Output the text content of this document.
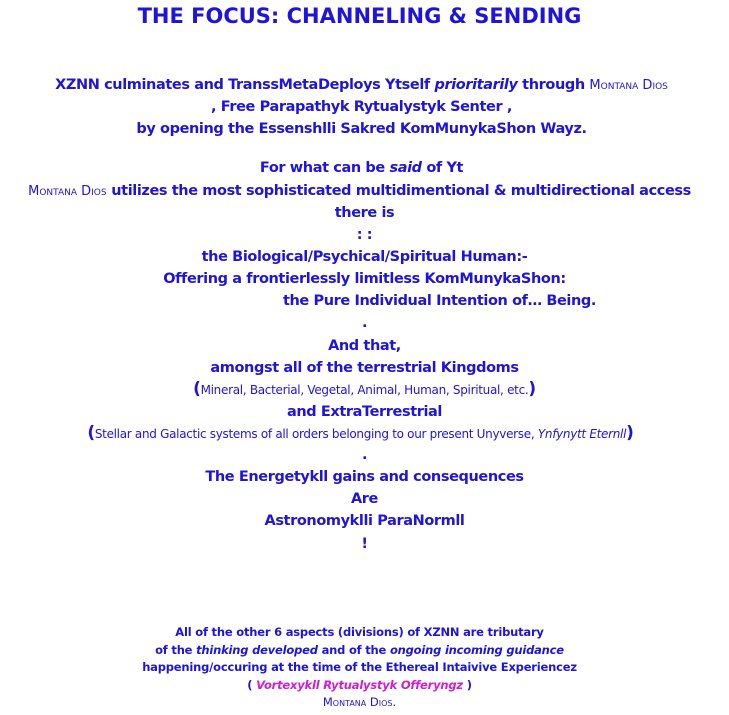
THE FOCUS: CHANNELING & SENDING
XZNN culminates and TranssMetaDeploys Ytself prioritarily through Montana Dios
, Free Parapathyk Rytualystyk Senter ,
by opening the Essenshlli Sakred KomMunykaShon Wayz.
For what can be said of Yt
Montana Dios utilizes the most sophisticated multidimentional & multidirectional access
there is
: :
the Biological/Psychical/Spiritual Human:-
Offering a frontierlessly limitless KomMunykaShon:
the Pure Individual Intention of… Being.
.
And that,
amongst all of the terrestrial Kingdoms
(Mineral, Bacterial, Vegetal, Animal, Human, Spiritual, etc.)
and ExtraTerrestrial
(Stellar and Galactic systems of all orders belonging to our present Unyverse, Ynfynytt Eternll)
.
The Energetykll gains and consequences
Are
Astronomyklli ParaNormll
!
All of the other 6 aspects (divisions) of XZNN are tributary
of the thinking developed and of the ongoing incoming guidance
happening/occuring at the time of the Ethereal Intaivive Experiencez
( Vortexykll Rytualystyk Offeryngz )
Montana Dios.
